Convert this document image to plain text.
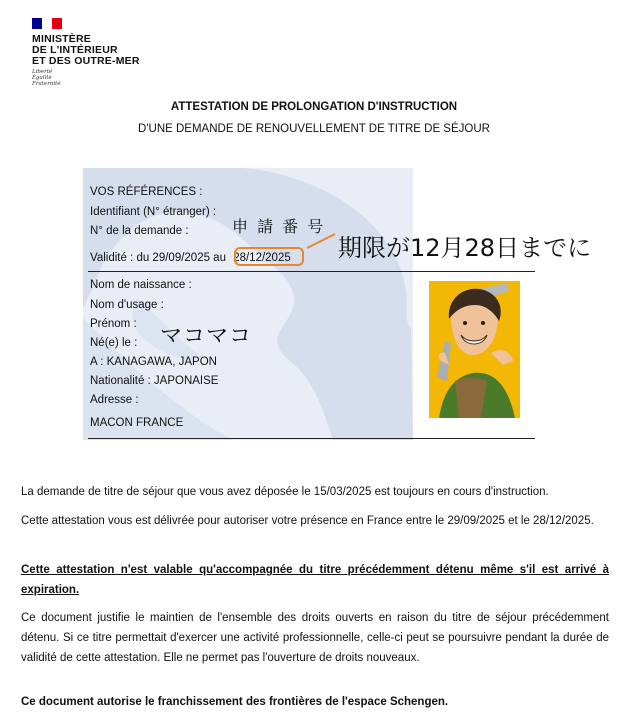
MINISTÈRE
DE L'INTÉRIEUR
ET DES OUTRE-MER
Liberté
Égalité
Fraternité
ATTESTATION DE PROLONGATION D'INSTRUCTION
D'UNE DEMANDE DE RENOUVELLEMENT DE TITRE DE SÉJOUR
VOS RÉFÉRENCES :
Identifiant (N° étranger) :
N° de la demande :
Validité : du 29/09/2025 au 28/12/2025
申 請 番 号
期限が12月28日までに
マコマコ
Nom de naissance :
Nom d'usage :
Prénom :
Né(e) le :
A : KANAGAWA, JAPON
Nationalité : JAPONAISE
Adresse :
MACON FRANCE
La demande de titre de séjour que vous avez déposée le 15/03/2025 est toujours en cours d'instruction.
Cette attestation vous est délivrée pour autoriser votre présence en France entre le 29/09/2025 et le 28/12/2025.
Cette attestation n'est valable qu'accompagnée du titre précédemment détenu même s'il est arrivé à expiration.
Ce document justifie le maintien de l'ensemble des droits ouverts en raison du titre de séjour précédemment détenu. Si ce titre permettait d'exercer une activité professionnelle, celle-ci peut se poursuivre pendant la durée de validité de cette attestation. Elle ne permet pas l'ouverture de droits nouveaux.
Ce document autorise le franchissement des frontières de l'espace Schengen.
